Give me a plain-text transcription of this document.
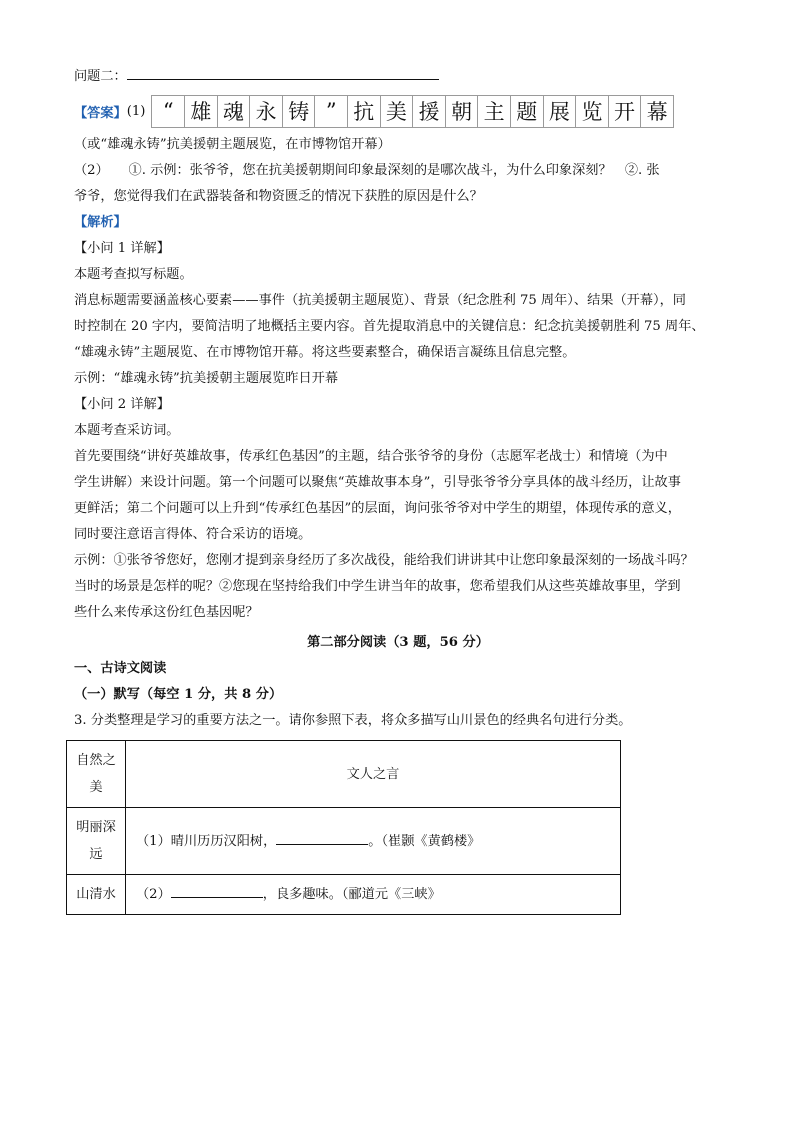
问题二：

【答案】 (1) “ 雄 魂 永 铸 ” 抗 美 援 朝 主 题 展 览 开 幕

（或“雄魂永铸”抗美援朝主题展览，在市博物馆开幕）

（2）　　①. 示例：张爷爷，您在抗美援朝期间印象最深刻的是哪次战斗，为什么印象深刻？　②. 张

爷爷，您觉得我们在武器装备和物资匮乏的情况下获胜的原因是什么？

【解析】

【小问 1 详解】

本题考查拟写标题。

消息标题需要涵盖核心要素——事件（抗美援朝主题展览）、背景（纪念胜利 75 周年）、结果（开幕），同

时控制在 20 字内，要简洁明了地概括主要内容。首先提取消息中的关键信息：纪念抗美援朝胜利 75 周年、

“雄魂永铸”主题展览、在市博物馆开幕。将这些要素整合，确保语言凝练且信息完整。

示例：“雄魂永铸”抗美援朝主题展览昨日开幕

【小问 2 详解】

本题考查采访词。

首先要围绕“讲好英雄故事，传承红色基因”的主题，结合张爷爷的身份（志愿军老战士）和情境（为中

学生讲解）来设计问题。第一个问题可以聚焦“英雄故事本身”，引导张爷爷分享具体的战斗经历，让故事

更鲜活；第二个问题可以上升到“传承红色基因”的层面，询问张爷爷对中学生的期望，体现传承的意义，

同时要注意语言得体、符合采访的语境。

示例：①张爷爷您好，您刚才提到亲身经历了多次战役，能给我们讲讲其中让您印象最深刻的一场战斗吗？

当时的场景是怎样的呢？②您现在坚持给我们中学生讲当年的故事，您希望我们从这些英雄故事里，学到

些什么来传承这份红色基因呢？

第二部分阅读（3 题，56 分）

一、古诗文阅读

（一）默写（每空 1 分，共 8 分）

3. 分类整理是学习的重要方法之一。请你参照下表，将众多描写山川景色的经典名句进行分类。

自然之美	文人之言
明丽深远	（1）晴川历历汉阳树， 。（崔颢《黄鹤楼》
山清水	（2） ，良多趣味。（郦道元《三峡》
